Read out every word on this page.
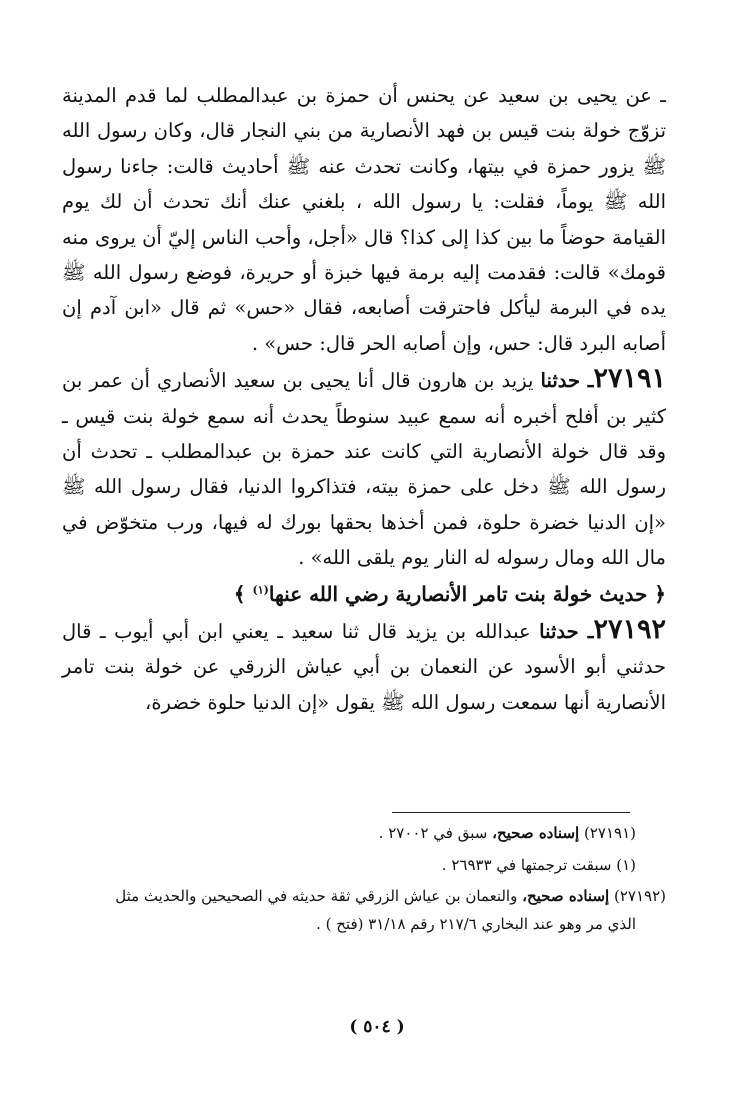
ـ عن يحيى بن سعيد عن يحنس أن حمزة بن عبدالمطلب لما قدم المدينة تزوّج خولة بنت قيس بن فهد الأنصارية من بني النجار قال، وكان رسول الله ﷺ يزور حمزة في بيتها، وكانت تحدث عنه ﷺ أحاديث قالت: جاءنا رسول الله ﷺ يوماً، فقلت: يا رسول الله ، بلغني عنك أنك تحدث أن لك يوم القيامة حوضاً ما بين كذا إلى كذا؟ قال «أجل، وأحب الناس إليّ أن يروى منه قومك» قالت: فقدمت إليه برمة فيها خبزة أو حريرة، فوضع رسول الله ﷺ يده في البرمة ليأكل فاحترقت أصابعه، فقال «حس» ثم قال «ابن آدم إن أصابه البرد قال: حس، وإن أصابه الحر قال: حس» .

٢٧١٩١ـ حدثنا يزيد بن هارون قال أنا يحيى بن سعيد الأنصاري أن عمر بن كثير بن أفلح أخبره أنه سمع عبيد سنوطاً يحدث أنه سمع خولة بنت قيس ـ وقد قال خولة الأنصارية التي كانت عند حمزة بن عبدالمطلب ـ تحدث أن رسول الله ﷺ دخل على حمزة بيته، فتذاكروا الدنيا، فقال رسول الله ﷺ «إن الدنيا خضرة حلوة، فمن أخذها بحقها بورك له فيها، ورب متخوّض في مال الله ومال رسوله له النار يوم يلقى الله» .

﴿ حديث خولة بنت تامر الأنصارية رضي الله عنها$^{(١)}$ ﴾

٢٧١٩٢ـ حدثنا عبدالله بن يزيد قال ثنا سعيد ـ يعني ابن أبي أيوب ـ قال حدثني أبو الأسود عن النعمان بن أبي عياش الزرقي عن خولة بنت تامر الأنصارية أنها سمعت رسول الله ﷺ يقول «إن الدنيا حلوة خضرة،

(٢٧١٩١) إسناده صحيح، سبق في ٢٧٠٠٢ .

(١) سبقت ترجمتها في ٢٦٩٣٣ .

(٢٧١٩٢) إسناده صحيح، والنعمان بن عياش الزرقي ثقة حديثه في الصحيحين والحديث مثل
الذي مر وهو عند البخاري ٢١٧/٦ رقم ٣١/١٨ (فتح ) .

( ٥٠٤ )
